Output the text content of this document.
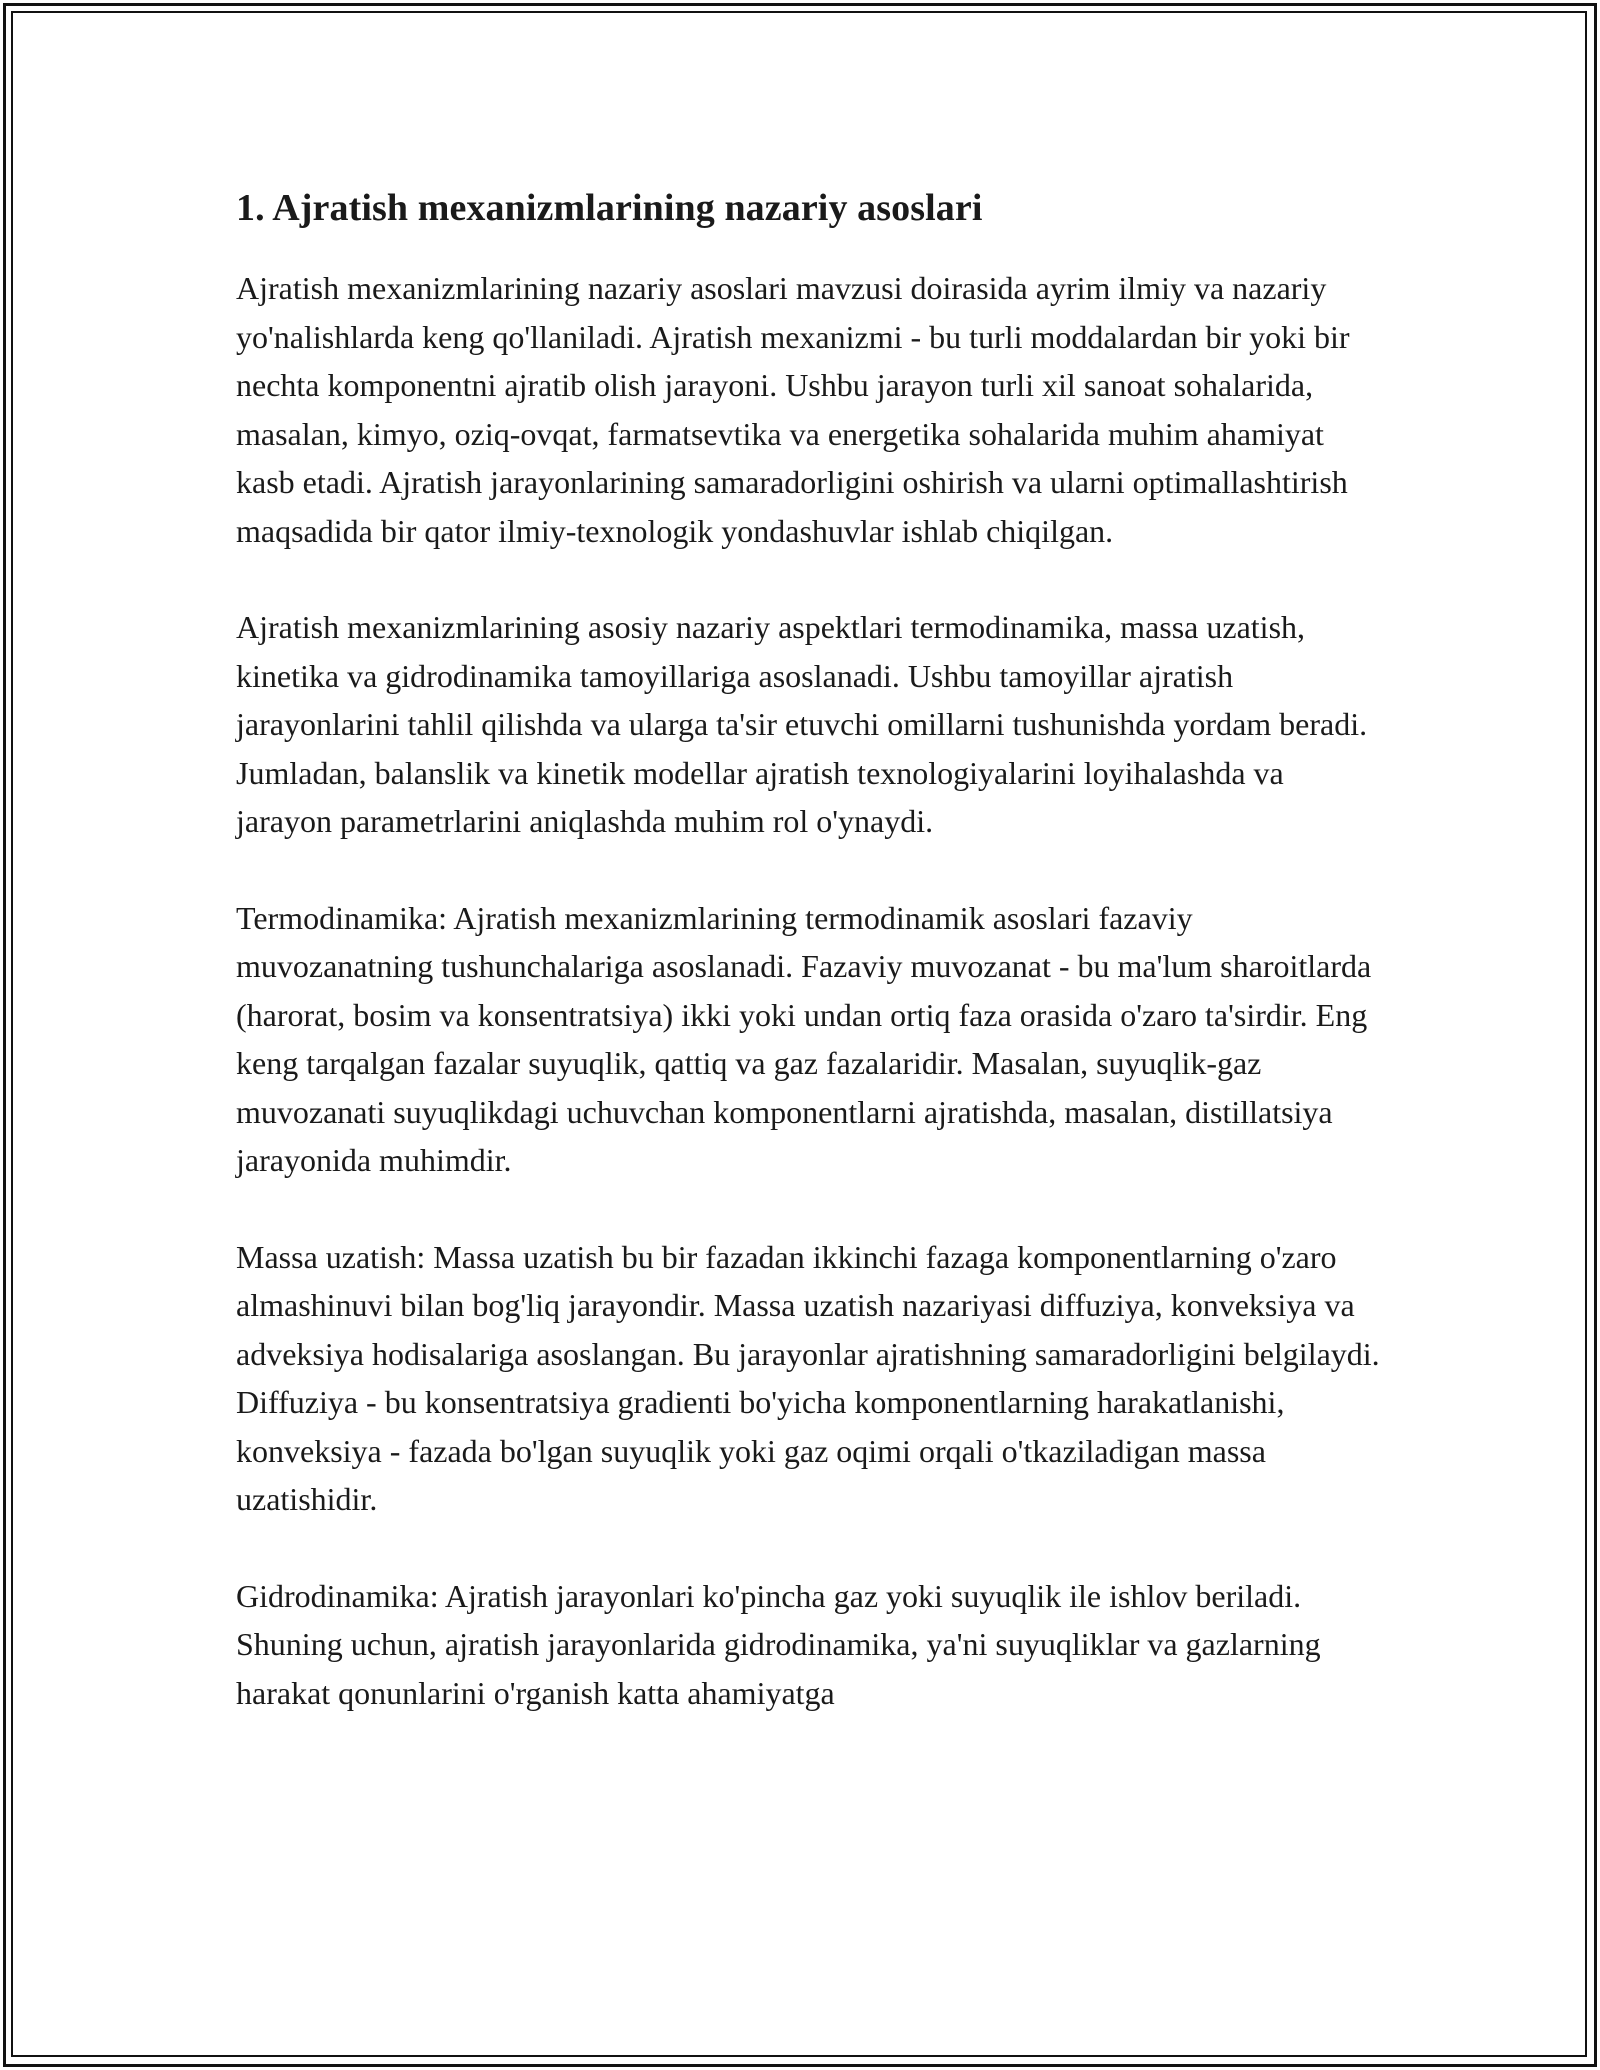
1. Ajratish mexanizmlarining nazariy asoslari

Ajratish mexanizmlarining nazariy asoslari mavzusi doirasida ayrim ilmiy va nazariy yo'nalishlarda keng qo'llaniladi. Ajratish mexanizmi - bu turli moddalardan bir yoki bir nechta komponentni ajratib olish jarayoni. Ushbu jarayon turli xil sanoat sohalarida, masalan, kimyo, oziq-ovqat, farmatsevtika va energetika sohalarida muhim ahamiyat kasb etadi. Ajratish jarayonlarining samaradorligini oshirish va ularni optimallashtirish maqsadida bir qator ilmiy-texnologik yondashuvlar ishlab chiqilgan.

Ajratish mexanizmlarining asosiy nazariy aspektlari termodinamika, massa uzatish, kinetika va gidrodinamika tamoyillariga asoslanadi. Ushbu tamoyillar ajratish jarayonlarini tahlil qilishda va ularga ta'sir etuvchi omillarni tushunishda yordam beradi. Jumladan, balanslik va kinetik modellar ajratish texnologiyalarini loyihalashda va jarayon parametrlarini aniqlashda muhim rol o'ynaydi.

Termodinamika: Ajratish mexanizmlarining termodinamik asoslari fazaviy muvozanatning tushunchalariga asoslanadi. Fazaviy muvozanat - bu ma'lum sharoitlarda (harorat, bosim va konsentratsiya) ikki yoki undan ortiq faza orasida o'zaro ta'sirdir. Eng keng tarqalgan fazalar suyuqlik, qattiq va gaz fazalaridir. Masalan, suyuqlik-gaz muvozanati suyuqlikdagi uchuvchan komponentlarni ajratishda, masalan, distillatsiya jarayonida muhimdir.

Massa uzatish: Massa uzatish bu bir fazadan ikkinchi fazaga komponentlarning o'zaro almashinuvi bilan bog'liq jarayondir. Massa uzatish nazariyasi diffuziya, konveksiya va adveksiya hodisalariga asoslangan. Bu jarayonlar ajratishning samaradorligini belgilaydi. Diffuziya - bu konsentratsiya gradienti bo'yicha komponentlarning harakatlanishi, konveksiya - fazada bo'lgan suyuqlik yoki gaz oqimi orqali o'tkaziladigan massa uzatishidir.

Gidrodinamika: Ajratish jarayonlari ko'pincha gaz yoki suyuqlik ile ishlov beriladi. Shuning uchun, ajratish jarayonlarida gidrodinamika, ya'ni suyuqliklar va gazlarning harakat qonunlarini o'rganish katta ahamiyatga
